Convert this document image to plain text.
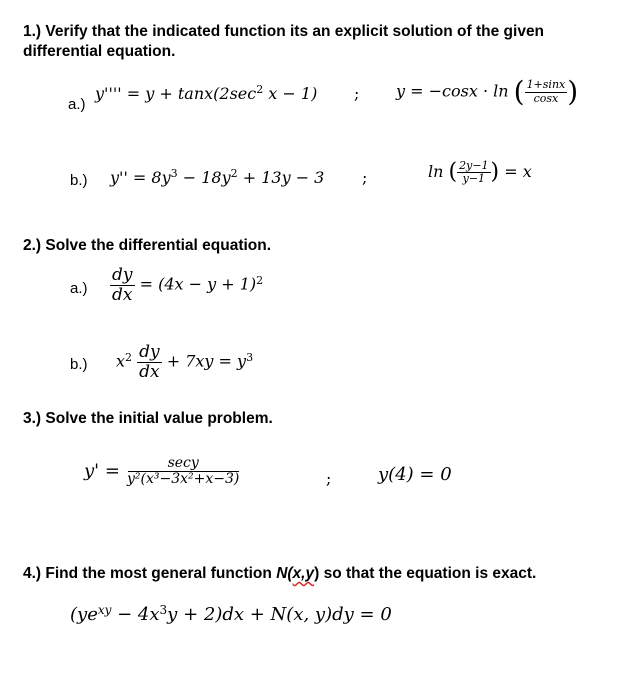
1.) Verify that the indicated function its an explicit solution of the given
differential equation.
a.)
$y'''' = y + \tan x(2\sec^2$ x − 1) ; y = −cosx · ln ( $\frac{1+\sin x}{\cos x}$ )
b.) $y'' = 8y^3 - 18y^2 + 13y - 3$ ;	ln ( $\frac{2y-1}{y-1}$ ) = x
2.) Solve the differential equation.
$a.) \frac{dy}{dx} = (4x - y + 1)^2$
b.) $x^2 \frac{dy}{dx} + 7xy = y^3$
3.) Solve the initial value problem.
$y' = \frac{\sec y}{\text{y²(x³−3x²+x−3)}}$	;	y(4) = 0
4.) Find the most general function N(x,y) so that the equation is exact.
$(ye^{xy} - 4x^3y + 2)dx + N(x$, y)dy = 0
